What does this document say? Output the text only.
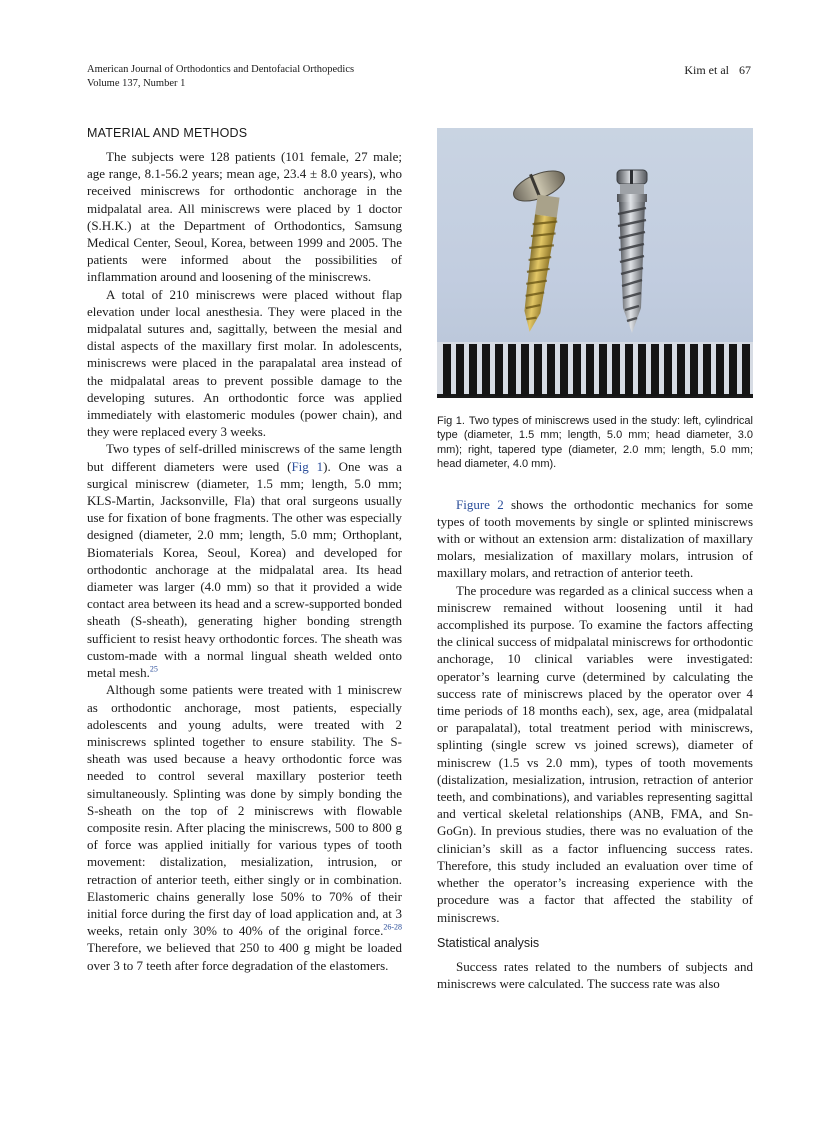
American Journal of Orthodontics and Dentofacial Orthopedics
Volume 137, Number 1
Kim et al 67
MATERIAL AND METHODS

The subjects were 128 patients (101 female, 27 male; age range, 8.1-56.2 years; mean age, 23.4 ± 8.0 years), who received miniscrews for orthodontic anchorage in the midpalatal area. All miniscrews were placed by 1 doctor (S.H.K.) at the Department of Orthodontics, Samsung Medical Center, Seoul, Korea, between 1999 and 2005. The patients were informed about the possibilities of inflammation around and loosening of the miniscrews.

A total of 210 miniscrews were placed without flap elevation under local anesthesia. They were placed in the midpalatal sutures and, sagittally, between the mesial and distal aspects of the maxillary first molar. In adolescents, miniscrews were placed in the parapalatal area instead of the midpalatal areas to prevent possible damage to the developing sutures. An orthodontic force was applied immediately with elastomeric modules (power chain), and they were replaced every 3 weeks.

Two types of self-drilled miniscrews of the same length but different diameters were used (Fig 1). One was a surgical miniscrew (diameter, 1.5 mm; length, 5.0 mm; KLS-Martin, Jacksonville, Fla) that oral surgeons usually use for fixation of bone fragments. The other was especially designed (diameter, 2.0 mm; length, 5.0 mm; Orthoplant, Biomaterials Korea, Seoul, Korea) and developed for orthodontic anchorage at the midpalatal area. Its head diameter was larger (4.0 mm) so that it provided a wide contact area between its head and a screw-supported bonded sheath (S-sheath), generating higher bonding strength sufficient to resist heavy orthodontic forces. The sheath was custom-made with a normal lingual sheath welded onto metal mesh.$^{25}$

Although some patients were treated with 1 miniscrew as orthodontic anchorage, most patients, especially adolescents and young adults, were treated with 2 miniscrews splinted together to ensure stability. The S-sheath was used because a heavy orthodontic force was needed to control several maxillary posterior teeth simultaneously. Splinting was done by simply bonding the S-sheath on the top of 2 miniscrews with flowable composite resin. After placing the miniscrews, 500 to 800 g of force was applied initially for various types of tooth movement: distalization, mesialization, intrusion, or retraction of anterior teeth, either singly or in combination. Elastomeric chains generally lose 50% to 70% of their initial force during the first day of load application and, at 3 weeks, retain only 30% to 40% of the original force.$^{26-28}$ Therefore, we believed that 250 to 400 g might be loaded over 3 to 7 teeth after force degradation of the elastomers.

Fig 1. Two types of miniscrews used in the study: left, cylindrical type (diameter, 1.5 mm; length, 5.0 mm; head diameter, 3.0 mm); right, tapered type (diameter, 2.0 mm; length, 5.0 mm; head diameter, 4.0 mm).

Figure 2 shows the orthodontic mechanics for some types of tooth movements by single or splinted miniscrews with or without an extension arm: distalization of maxillary molars, mesialization of maxillary molars, intrusion of maxillary molars, and retraction of anterior teeth.

The procedure was regarded as a clinical success when a miniscrew remained without loosening until it had accomplished its purpose. To examine the factors affecting the clinical success of midpalatal miniscrews for orthodontic anchorage, 10 clinical variables were investigated: operator’s learning curve (determined by calculating the success rate of miniscrews placed by the operator over 4 time periods of 18 months each), sex, age, area (midpalatal or parapalatal), total treatment period with miniscrews, splinting (single screw vs joined screws), diameter of miniscrew (1.5 vs 2.0 mm), types of tooth movements (distalization, mesialization, intrusion, retraction of anterior teeth, and combinations), and variables representing sagittal and vertical skeletal relationships (ANB, FMA, and Sn-GoGn). In previous studies, there was no evaluation of the clinician’s skill as a factor influencing success rates. Therefore, this study included an evaluation over time of whether the operator’s increasing experience with the procedure was a factor that affected the stability of miniscrews.

Statistical analysis

Success rates related to the numbers of subjects and miniscrews were calculated. The success rate was also
